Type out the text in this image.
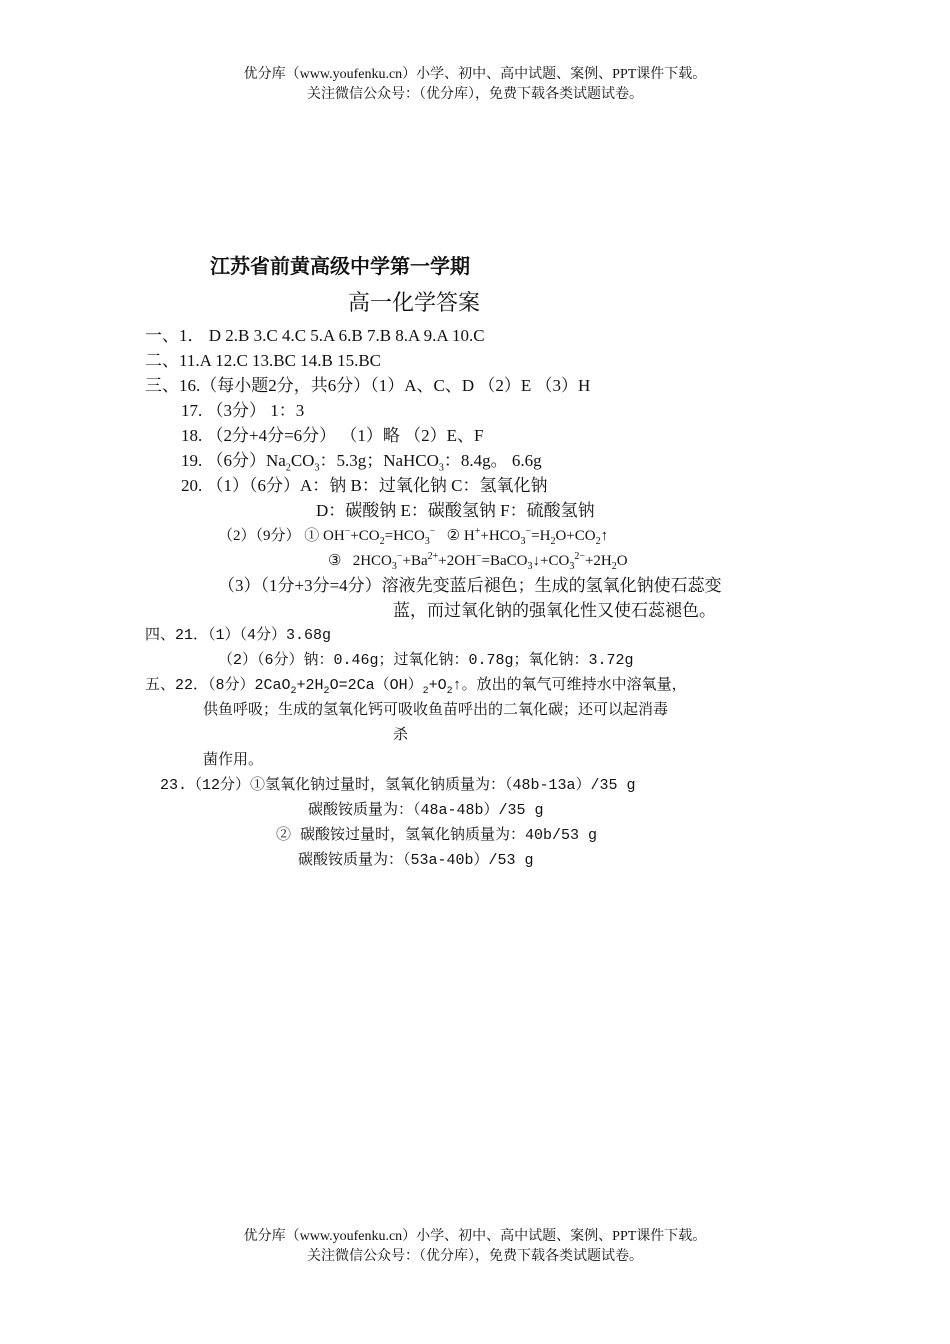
优分库（www.youfenku.cn）小学、初中、高中试题、案例、PPT课件下载。
关注微信公众号：（优分库），免费下载各类试题试卷。
江苏省前黄高级中学第一学期
高一化学答案
一、1． D 2.B 3.C 4.C 5.A 6.B 7.B 8.A 9.A 10.C
二、11.A 12.C 13.BC 14.B 15.BC
三、16.（每小题2分，共6分）（1）A、C、D （2）E （3）H
17. （3分） 1：3
18. （2分+4分=6分） （1）略 （2）E、F
19. （6分）$Na_2CO_3$：5.3g；NaHCO$_3$：8.4g。 6.6g
20. （1）（6分）A：钠 B：过氧化钠 C：氢氧化钠
D：碳酸钠 E：碳酸氢钠 F：硫酸氢钠
（2）（9分） ① $OH^-+CO_2=HCO_3^-$ ② $H^++HCO_3^-=H_2O+CO_2↑$
③ $2HCO_3^-+Ba^{2+}+2OH^-=BaCO_3↓+CO_3^{2-}+2H_2O$
（3）（1分+3分=4分）溶液先变蓝后褪色；生成的氢氧化钠使石蕊变
蓝，而过氧化钠的强氧化性又使石蕊褪色。
四、21．（1）（4分）3.68g
（2）（6分）钠：0.46g；过氧化钠：0.78g；氧化钠：3.72g
五、22．（8分）$2CaO_2+2H_2O=2Ca(OH)_2+O_2↑$。放出的氧气可维持水中溶氧量，
供鱼呼吸；生成的氢氧化钙可吸收鱼苗呼出的二氧化碳；还可以起消毒
杀
菌作用。
23.（12分）①氢氧化钠过量时，氢氧化钠质量为：（48b-13a）/35 g
碳酸铵质量为：（48a-48b）/35 g
② 碳酸铵过量时，氢氧化钠质量为：40b/53 g
碳酸铵质量为：（53a-40b）/53 g
优分库（www.youfenku.cn）小学、初中、高中试题、案例、PPT课件下载。
关注微信公众号：（优分库），免费下载各类试题试卷。
